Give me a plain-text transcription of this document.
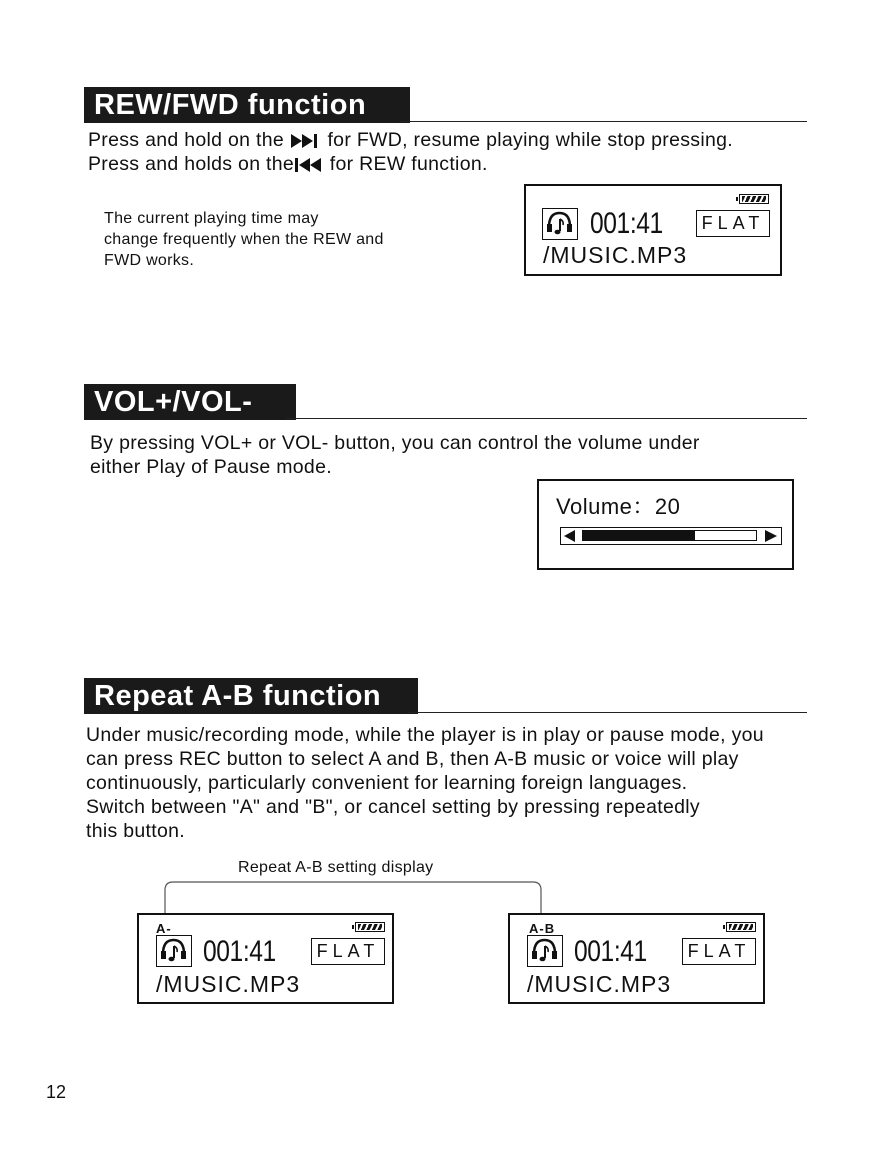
REW/FWD function
Press and hold on the for FWD, resume playing while stop pressing.
Press and holds on the for REW function.
The current playing time may
change frequently when the REW and
FWD works.
001:41	FLAT
/MUSIC.MP3
VOL+/VOL-
By pressing VOL+ or VOL- button, you can control the volume under
either Play of Pause mode.
Volume：20
Repeat A-B function
Under music/recording mode, while the player is in play or pause mode, you
can press REC button to select A and B, then A-B music or voice will play
continuously, particularly convenient for learning foreign languages.
Switch between "A" and "B", or cancel setting by pressing repeatedly
this button.
Repeat A-B setting display
A-
001:41	FLAT
/MUSIC.MP3
A-B
001:41	FLAT
/MUSIC.MP3
12
